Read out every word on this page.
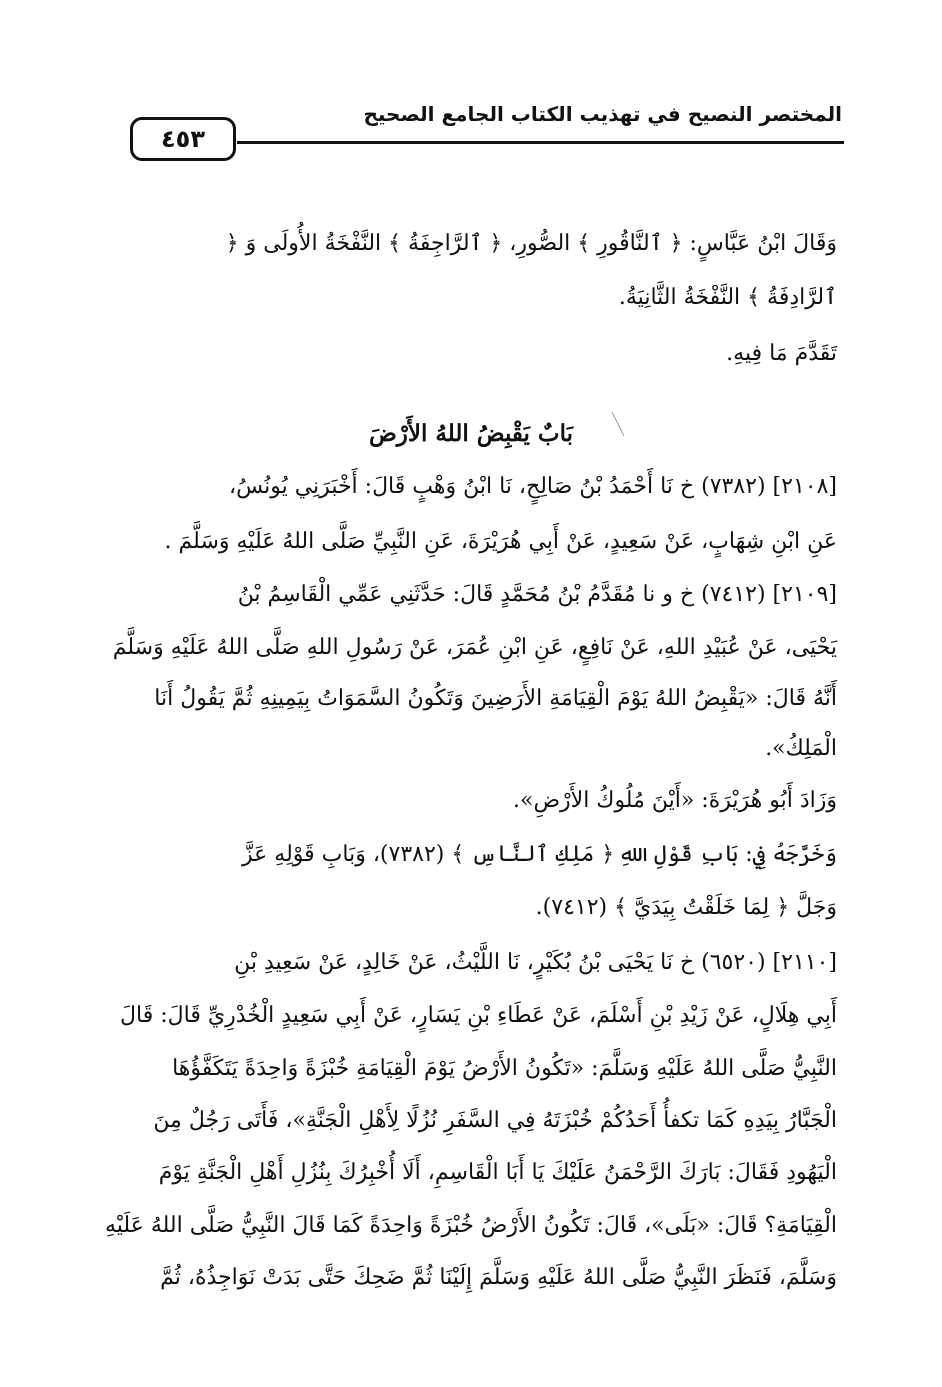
المختصر النصيح في تهذيب الكتاب الجامع الصحيح
٤٥٣
وَقَالَ ابْنُ عَبَّاسٍ: ﴿ ٱلنَّاقُورِ ﴾ الصُّورِ، ﴿ ٱلرَّاجِفَةُ ﴾ النَّفْخَةُ الأُولَى وَ ﴿
ٱلرَّادِفَةُ ﴾ النَّفْخَةُ الثَّانِيَةُ.
تَقَدَّمَ مَا فِيهِ.
بَابٌ يَقْبِضُ اللهُ الأَرْضَ
[٢١٠٨] (٧٣٨٢) خ نَا أَحْمَدُ بْنُ صَالِحٍ، نَا ابْنُ وَهْبٍ قَالَ: أَخْبَرَنِي يُونُسُ،
عَنِ ابْنِ شِهَابٍ، عَنْ سَعِيدٍ، عَنْ أَبِي هُرَيْرَةَ، عَنِ النَّبِيِّ صَلَّى اللهُ عَلَيْهِ وَسَلَّمَ .
[٢١٠٩] (٧٤١٢) خ و نا مُقَدَّمُ بْنُ مُحَمَّدٍ قَالَ: حَدَّثَنِي عَمِّي الْقَاسِمُ بْنُ
يَحْيَى، عَنْ عُبَيْدِ اللهِ، عَنْ نَافِعٍ، عَنِ ابْنِ عُمَرَ، عَنْ رَسُولِ اللهِ صَلَّى اللهُ عَلَيْهِ وَسَلَّمَ
أَنَّهُ قَالَ: «يَقْبِضُ اللهُ يَوْمَ الْقِيَامَةِ الأَرَضِينَ وَتَكُونُ السَّمَوَاتُ بِيَمِينِهِ ثُمَّ يَقُولُ أَنَا
الْمَلِكُ».
وَزَادَ أَبُو هُرَيْرَةَ: «أَيْنَ مُلُوكُ الأَرْضِ».
وَخَرَّجَهُ فِي: بَابِ قَوْلِ اللهِ ﴿ مَلِكِ ٱلنَّاسِ ﴾ (٧٣٨٢)، وَبَابِ قَوْلِهِ عَزَّ
وَجَلَّ ﴿ لِمَا خَلَقْتُ بِيَدَيَّ ﴾ (٧٤١٢).
[٢١١٠] (٦٥٢٠) خ نَا يَحْيَى بْنُ بُكَيْرٍ، نَا اللَّيْثُ، عَنْ خَالِدٍ، عَنْ سَعِيدِ بْنِ
أَبِي هِلَالٍ، عَنْ زَيْدِ بْنِ أَسْلَمَ، عَنْ عَطَاءِ بْنِ يَسَارٍ، عَنْ أَبِي سَعِيدٍ الْخُدْرِيِّ قَالَ: قَالَ
النَّبِيُّ صَلَّى اللهُ عَلَيْهِ وَسَلَّمَ: «تَكُونُ الأَرْضُ يَوْمَ الْقِيَامَةِ خُبْزَةً وَاحِدَةً يَتَكَفَّؤُهَا
الْجَبَّارُ بِيَدِهِ كَمَا تكفأُ أَحَدُكُمْ خُبْزَتَهُ فِي السَّفَرِ نُزُلًا لِأَهْلِ الْجَنَّةِ»، فَأَتَى رَجُلٌ مِنَ
الْيَهُودِ فَقَالَ: بَارَكَ الرَّحْمَنُ عَلَيْكَ يَا أَبَا الْقَاسِمِ، أَلَا أُخْبِرُكَ بِنُزُلِ أَهْلِ الْجَنَّةِ يَوْمَ
الْقِيَامَةِ؟ قَالَ: «بَلَى»، قَالَ: تَكُونُ الأَرْضُ خُبْزَةً وَاحِدَةً كَمَا قَالَ النَّبِيُّ صَلَّى اللهُ عَلَيْهِ
وَسَلَّمَ، فَنَظَرَ النَّبِيُّ صَلَّى اللهُ عَلَيْهِ وَسَلَّمَ إِلَيْنَا ثُمَّ ضَحِكَ حَتَّى بَدَتْ نَوَاجِذُهُ، ثُمَّ
